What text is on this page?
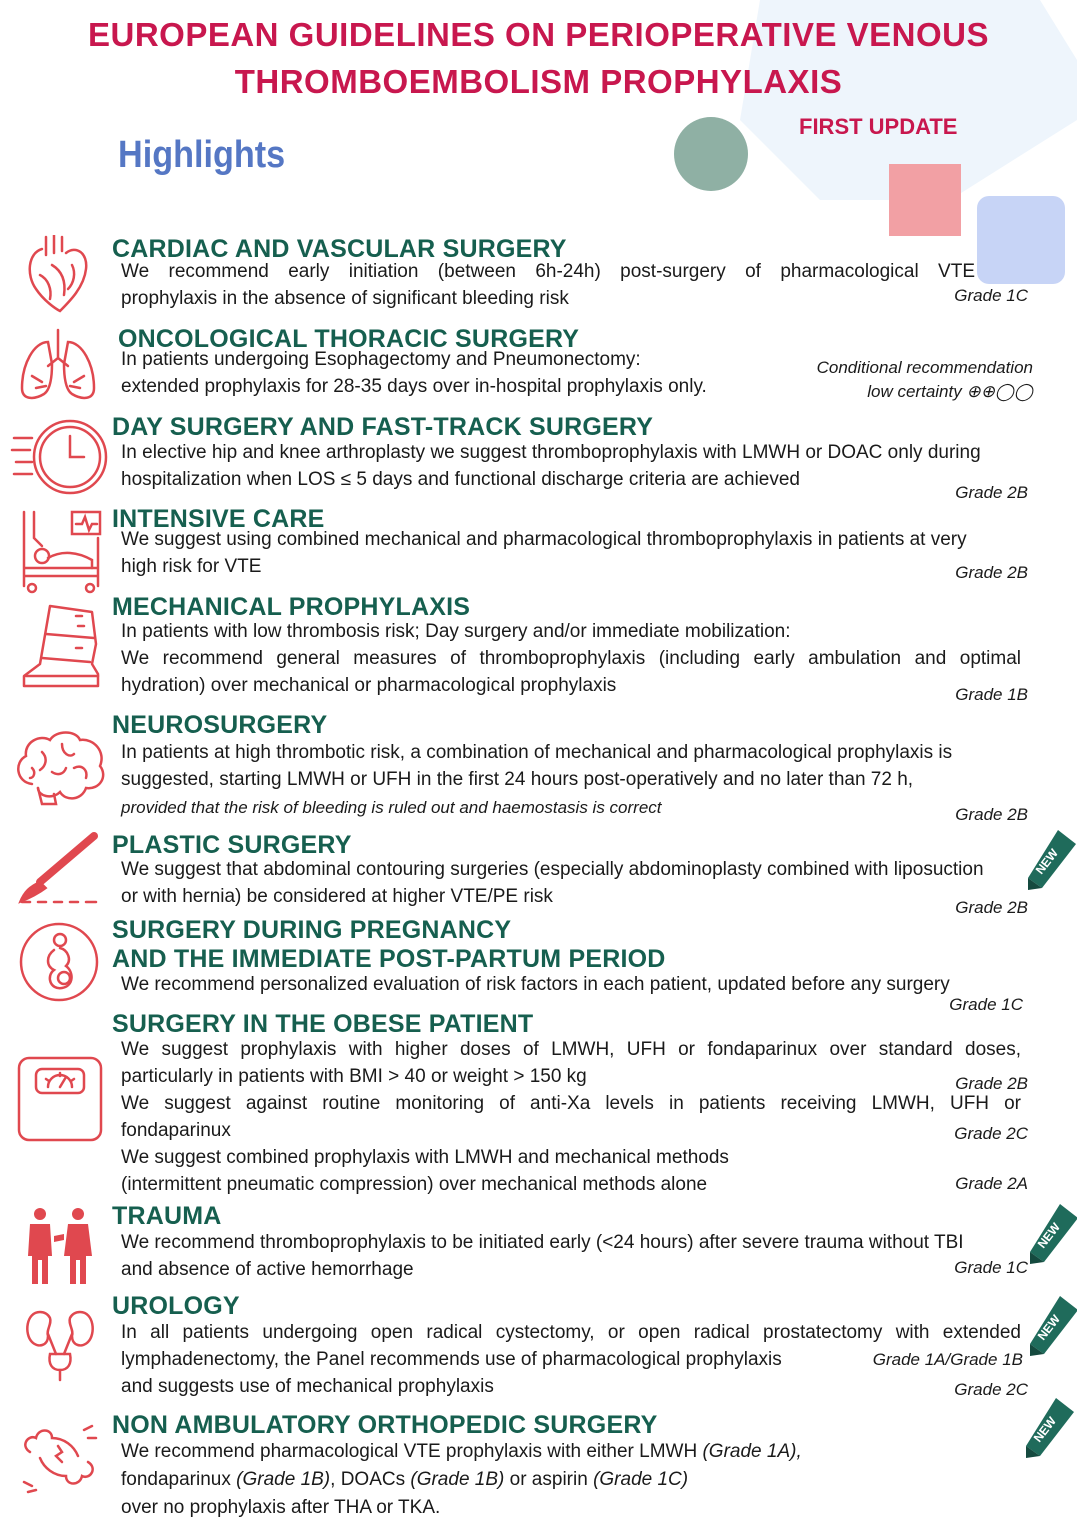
EUROPEAN GUIDELINES ON PERIOPERATIVE VENOUS
THROMBOEMBOLISM PROPHYLAXIS
Highlights
FIRST UPDATE
NEW
NEW
NEW
NEW
CARDIAC AND VASCULAR SURGERY
We recommend early initiation (between 6h-24h) post-surgery of pharmacological VTE
prophylaxis in the absence of significant bleeding risk	Grade 1C
ONCOLOGICAL THORACIC SURGERY
In patients undergoing Esophagectomy and Pneumonectomy:
extended prophylaxis for 28-35 days over in-hospital prophylaxis only.
Conditional recommendation
low certainty ⊕⊕◯◯
DAY SURGERY AND FAST-TRACK SURGERY
In elective hip and knee arthroplasty we suggest thromboprophylaxis with LMWH or DOAC only during
hospitalization when LOS ≤ 5 days and functional discharge criteria are achieved
Grade 2B
INTENSIVE CARE
We suggest using combined mechanical and pharmacological thromboprophylaxis in patients at very
high risk for VTE	Grade 2B
MECHANICAL PROPHYLAXIS
In patients with low thrombosis risk; Day surgery and/or immediate mobilization:
We recommend general measures of thromboprophylaxis (including early ambulation and optimal
hydration) over mechanical or pharmacological prophylaxis	Grade 1B
NEUROSURGERY
In patients at high thrombotic risk, a combination of mechanical and pharmacological prophylaxis is
suggested, starting LMWH or UFH in the first 24 hours post-operatively and no later than 72 h,
provided that the risk of bleeding is ruled out and haemostasis is correct	Grade 2B
PLASTIC SURGERY
We suggest that abdominal contouring surgeries (especially abdominoplasty combined with liposuction
or with hernia) be considered at higher VTE/PE risk
Grade 2B
SURGERY DURING PREGNANCY
AND THE IMMEDIATE POST-PARTUM PERIOD
We recommend personalized evaluation of risk factors in each patient, updated before any surgery
Grade 1C
SURGERY IN THE OBESE PATIENT
We suggest prophylaxis with higher doses of LMWH, UFH or fondaparinux over standard doses,
particularly in patients with BMI > 40 or weight > 150 kg	Grade 2B
We suggest against routine monitoring of anti-Xa levels in patients receiving LMWH, UFH or
fondaparinux	Grade 2C
We suggest combined prophylaxis with LMWH and mechanical methods
(intermittent pneumatic compression) over mechanical methods alone	Grade 2A
TRAUMA
We recommend thromboprophylaxis to be initiated early (<24 hours) after severe trauma without TBI
and absence of active hemorrhage	Grade 1C
UROLOGY
In all patients undergoing open radical cystectomy, or open radical prostatectomy with extended
lymphadenectomy, the Panel recommends use of pharmacological prophylaxis	Grade 1A/Grade 1B
and suggests use of mechanical prophylaxis	Grade 2C
NON AMBULATORY ORTHOPEDIC SURGERY
We recommend pharmacological VTE prophylaxis with either LMWH (Grade 1A),
fondaparinux (Grade 1B), DOACs (Grade 1B) or aspirin (Grade 1C)
over no prophylaxis after THA or TKA.
